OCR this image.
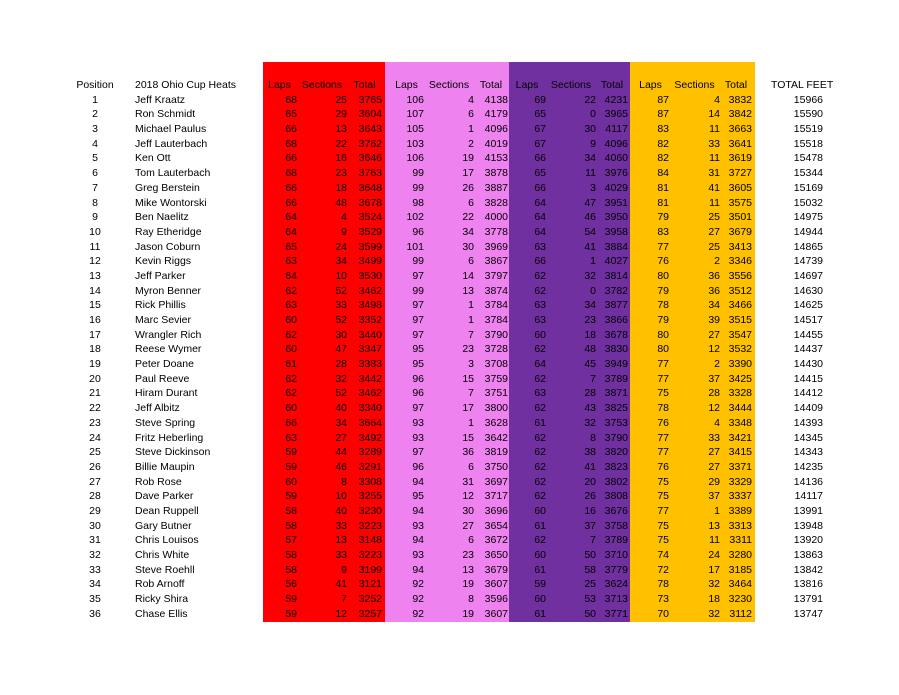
Position	2018 Ohio Cup Heats	Laps	Sections	Total	Laps	Sections	Total	Laps	Sections Total	Laps	Sections Total	TOTAL FEET
1	Jeff Kraatz	68	25	3765	106	4	4138	69	22 4231	87	4 3832	15966
2	Ron Schmidt	65	29	3604	107	6	4179	65	0 3965	87	14 3842	15590
3	Michael Paulus	66	13	3643	105	1	4096	67	30 4117	83	11 3663	15519
4	Jeff Lauterbach	68	22	3762	103	2	4019	67	9 4096	82	33 3641	15518
5	Ken Ott	66	16	3646	106	19	4153	66	34 4060	82	11 3619	15478
6	Tom Lauterbach	68	23	3763	99	17	3878	65	11 3976	84	31 3727	15344
7	Greg Berstein	66	18	3648	99	26	3887	66	3 4029	81	41 3605	15169
8	Mike Wontorski	66	48	3678	98	6	3828	64	47 3951	81	11 3575	15032
9	Ben Naelitz	64	4	3524	102	22	4000	64	46 3950	79	25 3501	14975
10	Ray Etheridge	64	9	3529	96	34	3778	64	54 3958	83	27 3679	14944
11	Jason Coburn	65	24	3599	101	30	3969	63	41 3884	77	25 3413	14865
12	Kevin Riggs	63	34	3499	99	6	3867	66	1 4027	76	2 3346	14739
13	Jeff Parker	64	10	3530	97	14	3797	62	32 3814	80	36 3556	14697
14	Myron Benner	62	52	3462	99	13	3874	62	0 3782	79	36 3512	14630
15	Rick Phillis	63	33	3498	97	1	3784	63	34 3877	78	34 3466	14625
16	Marc Sevier	60	52	3352	97	1	3784	63	23 3866	79	39 3515	14517
17	Wrangler Rich	62	30	3440	97	7	3790	60	18 3678	80	27 3547	14455
18	Reese Wymer	60	47	3347	95	23	3728	62	48 3830	80	12 3532	14437
19	Peter Doane	61	28	3383	95	3	3708	64	45 3949	77	2 3390	14430
20	Paul Reeve	62	32	3442	96	15	3759	62	7 3789	77	37 3425	14415
21	Hiram Durant	62	52	3462	96	7	3751	63	28 3871	75	28 3328	14412
22	Jeff Albitz	60	40	3340	97	17	3800	62	43 3825	78	12 3444	14409
23	Steve Spring	66	34	3664	93	1	3628	61	32 3753	76	4 3348	14393
24	Fritz Heberling	63	27	3492	93	15	3642	62	8 3790	77	33 3421	14345
25	Steve Dickinson	59	44	3289	97	36	3819	62	38 3820	77	27 3415	14343
26	Billie Maupin	59	46	3291	96	6	3750	62	41 3823	76	27 3371	14235
27	Rob Rose	60	8	3308	94	31	3697	62	20 3802	75	29 3329	14136
28	Dave Parker	59	10	3255	95	12	3717	62	26 3808	75	37 3337	14117
29	Dean Ruppell	58	40	3230	94	30	3696	60	16 3676	77	1 3389	13991
30	Gary Butner	58	33	3223	93	27	3654	61	37 3758	75	13 3313	13948
31	Chris Louisos	57	13	3148	94	6	3672	62	7 3789	75	11 3311	13920
32	Chris White	58	33	3223	93	23	3650	60	50 3710	74	24 3280	13863
33	Steve Roehll	58	9	3199	94	13	3679	61	58 3779	72	17 3185	13842
34	Rob Arnoff	56	41	3121	92	19	3607	59	25 3624	78	32 3464	13816
35	Ricky Shira	59	7	3252	92	8	3596	60	53 3713	73	18 3230	13791
36	Chase Ellis	59	12	3257	92	19	3607	61	50 3771	70	32 3112	13747
